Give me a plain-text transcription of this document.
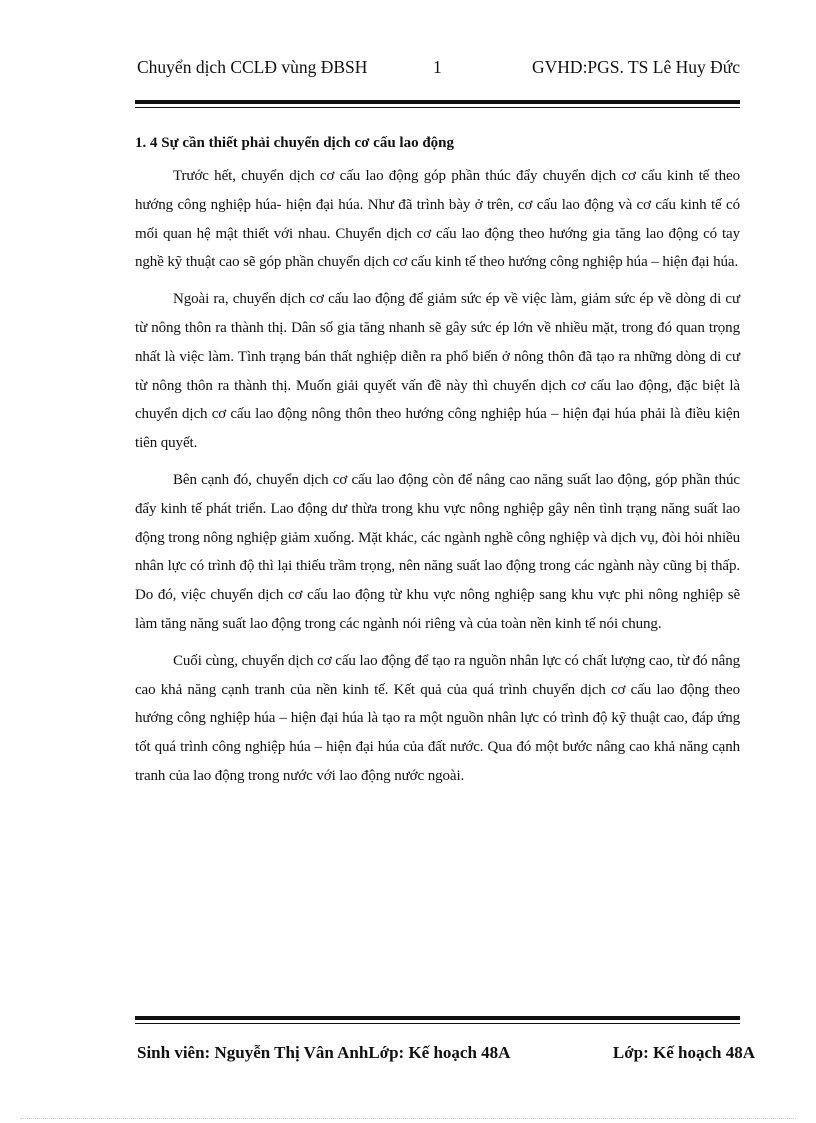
Chuyển dịch CCLĐ vùng ĐBSH	1	GVHD:PGS. TS Lê Huy Đức

1. 4 Sự cần thiết phải chuyển dịch cơ cấu lao động

Trước hết, chuyển dịch cơ cấu lao động góp phần thúc đẩy chuyển dịch cơ cấu kinh tế theo hướng công nghiệp húa- hiện đại húa. Như đã trình bày ở trên, cơ cấu lao động và cơ cấu kinh tế có mối quan hệ mật thiết với nhau. Chuyển dịch cơ cấu lao động theo hướng gia tăng lao động có tay nghề kỹ thuật cao sẽ góp phần chuyển dịch cơ cấu kinh tế theo hướng công nghiệp húa – hiện đại húa.

Ngoài ra, chuyển dịch cơ cấu lao động để giảm sức ép về việc làm, giảm sức ép về dòng di cư từ nông thôn ra thành thị. Dân số gia tăng nhanh sẽ gây sức ép lớn về nhiều mặt, trong đó quan trọng nhất là việc làm. Tình trạng bán thất nghiệp diễn ra phổ biến ở nông thôn đã tạo ra những dòng di cư từ nông thôn ra thành thị. Muốn giải quyết vấn đề này thì chuyển dịch cơ cấu lao động, đặc biệt là chuyển dịch cơ cấu lao động nông thôn theo hướng công nghiệp húa – hiện đại húa phải là điều kiện tiên quyết.

Bên cạnh đó, chuyển dịch cơ cấu lao động còn để nâng cao năng suất lao động, góp phần thúc đẩy kinh tế phát triển. Lao động dư thừa trong khu vực nông nghiệp gây nên tình trạng năng suất lao động trong nông nghiệp giảm xuống. Mặt khác, các ngành nghề công nghiệp và dịch vụ, đòi hỏi nhiều nhân lực có trình độ thì lại thiếu trầm trọng, nên năng suất lao động trong các ngành này cũng bị thấp. Do đó, việc chuyển dịch cơ cấu lao động từ khu vực nông nghiệp sang khu vực phi nông nghiệp sẽ làm tăng năng suất lao động trong các ngành nói riêng và của toàn nền kinh tế nói chung.

Cuối cùng, chuyển dịch cơ cấu lao động để tạo ra nguồn nhân lực có chất lượng cao, từ đó nâng cao khả năng cạnh tranh của nền kinh tế. Kết quả của quá trình chuyển dịch cơ cấu lao động theo hướng công nghiệp húa – hiện đại húa là tạo ra một nguồn nhân lực có trình độ kỹ thuật cao, đáp ứng tốt quá trình công nghiệp húa – hiện đại húa của đất nước. Qua đó một bước nâng cao khả năng cạnh tranh của lao động trong nước với lao động nước ngoài.

Sinh viên: Nguyễn Thị Vân AnhLớp: Kế hoạch 48A	Lớp: Kế hoạch 48A
